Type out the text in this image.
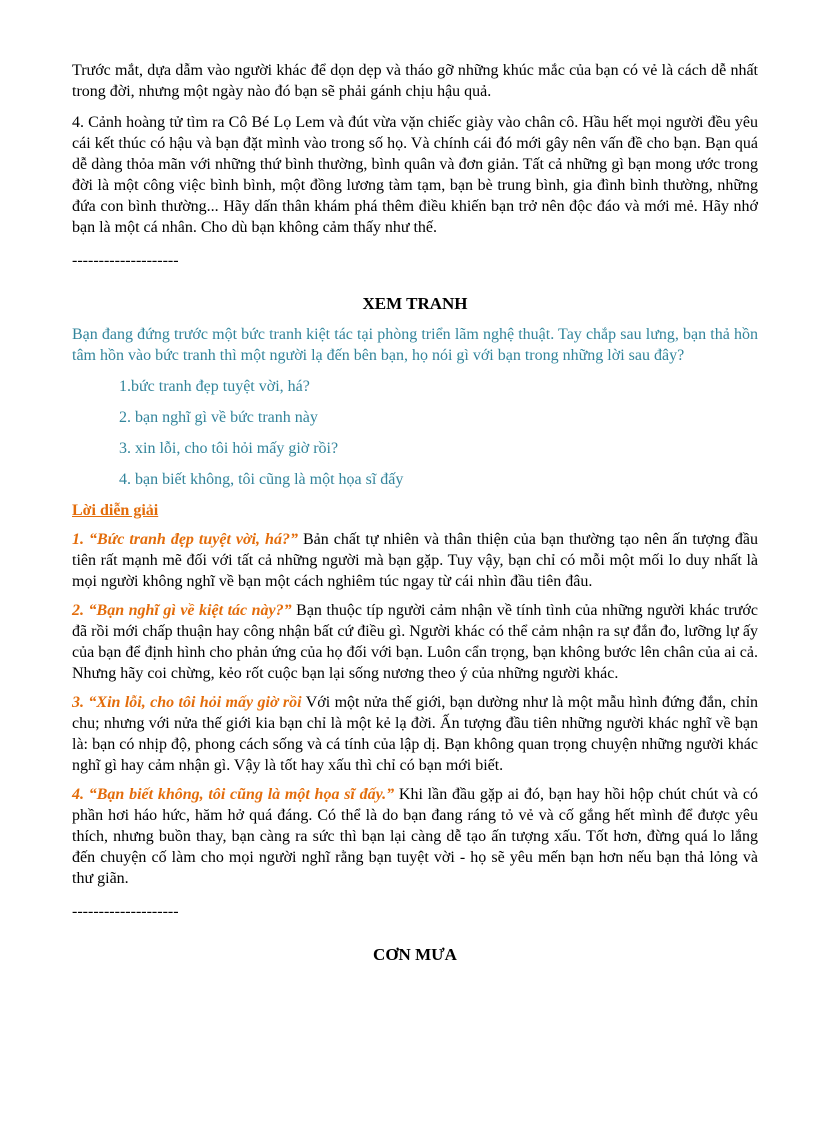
Trước mắt, dựa dẫm vào người khác để dọn dẹp và tháo gỡ những khúc mắc của bạn có vẻ là cách dễ nhất trong đời, nhưng một ngày nào đó bạn sẽ phải gánh chịu hậu quả.

4. Cảnh hoàng tử tìm ra Cô Bé Lọ Lem và đút vừa vặn chiếc giày vào chân cô. Hầu hết mọi người đều yêu cái kết thúc có hậu và bạn đặt mình vào trong số họ. Và chính cái đó mới gây nên vấn đề cho bạn. Bạn quá dễ dàng thỏa mãn với những thứ bình thường, bình quân và đơn giản. Tất cả những gì bạn mong ước trong đời là một công việc bình bình, một đồng lương tàm tạm, bạn bè trung bình, gia đình bình thường, những đứa con bình thường... Hãy dấn thân khám phá thêm điều khiến bạn trở nên độc đáo và mới mẻ. Hãy nhớ bạn là một cá nhân. Cho dù bạn không cảm thấy như thế.

--------------------

XEM TRANH

Bạn đang đứng trước một bức tranh kiệt tác tại phòng triển lãm nghệ thuật. Tay chắp sau lưng, bạn thả hồn tâm hồn vào bức tranh thì một người lạ đến bên bạn, họ nói gì với bạn trong những lời sau đây?

1.bức tranh đẹp tuyệt vời, há?

2. bạn nghĩ gì về bức tranh này

3. xin lỗi, cho tôi hỏi mấy giờ rồi?

4. bạn biết không, tôi cũng là một họa sĩ đấy

Lời diễn giải

1. “Bức tranh đẹp tuyệt vời, há?” Bản chất tự nhiên và thân thiện của bạn thường tạo nên ấn tượng đầu tiên rất mạnh mẽ đối với tất cả những người mà bạn gặp. Tuy vậy, bạn chỉ có mỗi một mối lo duy nhất là mọi người không nghĩ về bạn một cách nghiêm túc ngay từ cái nhìn đầu tiên đâu.

2. “Bạn nghĩ gì về kiệt tác này?” Bạn thuộc típ người cảm nhận về tính tình của những người khác trước đã rồi mới chấp thuận hay công nhận bất cứ điều gì. Người khác có thể cảm nhận ra sự đắn đo, lưỡng lự ấy của bạn để định hình cho phản ứng của họ đối với bạn. Luôn cẩn trọng, bạn không bước lên chân của ai cả. Nhưng hãy coi chừng, kẻo rốt cuộc bạn lại sống nương theo ý của những người khác.

3. “Xin lỗi, cho tôi hỏi mấy giờ rồi Với một nửa thế giới, bạn dường như là một mẫu hình đứng đắn, chỉn chu; nhưng với nửa thế giới kia bạn chỉ là một kẻ lạ đời. Ấn tượng đầu tiên những người khác nghĩ về bạn là: bạn có nhịp độ, phong cách sống và cá tính của lập dị. Bạn không quan trọng chuyện những người khác nghĩ gì hay cảm nhận gì. Vậy là tốt hay xấu thì chỉ có bạn mới biết.

4. “Bạn biết không, tôi cũng là một họa sĩ đấy.” Khi lần đầu gặp ai đó, bạn hay hồi hộp chút chút và có phần hơi háo hức, hăm hở quá đáng. Có thể là do bạn đang ráng tỏ vẻ và cố gắng hết mình để được yêu thích, nhưng buồn thay, bạn càng ra sức thì bạn lại càng dễ tạo ấn tượng xấu. Tốt hơn, đừng quá lo lắng đến chuyện cố làm cho mọi người nghĩ rằng bạn tuyệt vời - họ sẽ yêu mến bạn hơn nếu bạn thả lỏng và thư giãn.

--------------------

CƠN MƯA
